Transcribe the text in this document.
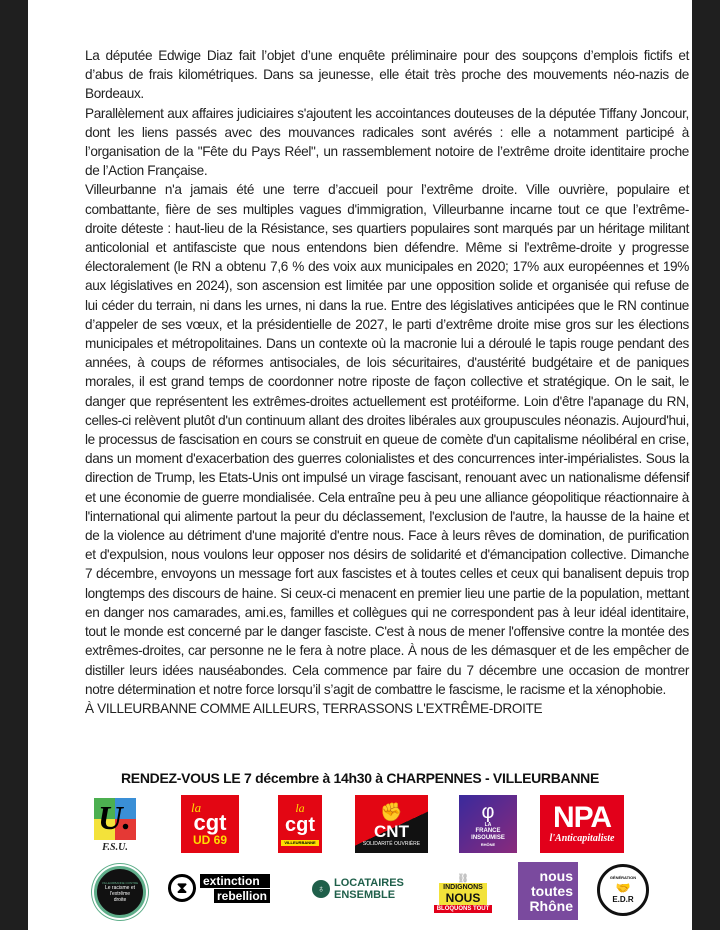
La députée Edwige Diaz fait l’objet d’une enquête préliminaire pour des soupçons d’emplois fictifs et d’abus de frais kilométriques. Dans sa jeunesse, elle était très proche des mouvements néo-nazis de Bordeaux.

Parallèlement aux affaires judiciaires s'ajoutent les accointances douteuses de la députée Tiffany Joncour, dont les liens passés avec des mouvances radicales sont avérés : elle a notamment participé à l’organisation de la "Fête du Pays Réel", un rassemblement notoire de l’extrême droite identitaire proche de l’Action Française.

Villeurbanne n'a jamais été une terre d’accueil pour l’extrême droite. Ville ouvrière, populaire et combattante, fière de ses multiples vagues d'immigration, Villeurbanne incarne tout ce que l’extrême-droite déteste : haut-lieu de la Résistance, ses quartiers populaires sont marqués par un héritage militant anticolonial et antifasciste que nous entendons bien défendre. Même si l'extrême-droite y progresse électoralement (le RN a obtenu 7,6 % des voix aux municipales en 2020; 17% aux européennes et 19% aux législatives en 2024), son ascension est limitée par une opposition solide et organisée qui refuse de lui céder du terrain, ni dans les urnes, ni dans la rue. Entre des législatives anticipées que le RN continue d’appeler de ses vœux, et la présidentielle de 2027, le parti d’extrême droite mise gros sur les élections municipales et métropolitaines. Dans un contexte où la macronie lui a déroulé le tapis rouge pendant des années, à coups de réformes antisociales, de lois sécuritaires, d'austérité budgétaire et de paniques morales, il est grand temps de coordonner notre riposte de façon collective et stratégique. On le sait, le danger que représentent les extrêmes-droites actuellement est protéiforme. Loin d'être l'apanage du RN, celles-ci relèvent plutôt d'un continuum allant des droites libérales aux groupuscules néonazis. Aujourd'hui, le processus de fascisation en cours se construit en queue de comète d'un capitalisme néolibéral en crise, dans un moment d'exacerbation des guerres colonialistes et des concurrences inter-impérialistes. Sous la direction de Trump, les Etats-Unis ont impulsé un virage fascisant, renouant avec un nationalisme défensif et une économie de guerre mondialisée. Cela entraîne peu à peu une alliance géopolitique réactionnaire à l'international qui alimente partout la peur du déclassement, l'exclusion de l'autre, la hausse de la haine et de la violence au détriment d'une majorité d'entre nous. Face à leurs rêves de domination, de purification et d'expulsion, nous voulons leur opposer nos désirs de solidarité et d'émancipation collective. Dimanche 7 décembre, envoyons un message fort aux fascistes et à toutes celles et ceux qui banalisent depuis trop longtemps des discours de haine. Si ceux-ci menacent en premier lieu une partie de la population, mettant en danger nos camarades, ami.es, familles et collègues qui ne correspondent pas à leur idéal identitaire, tout le monde est concerné par le danger fasciste. C'est à nous de mener l'offensive contre la montée des extrêmes-droites, car personne ne le fera à notre place. À nous de les démasquer et de les empêcher de distiller leurs idées nauséabondes. Cela commence par faire du 7 décembre une occasion de montrer notre détermination et notre force lorsqu’il s’agit de combattre le fascisme, le racisme et la xénophobie.

À VILLEURBANNE COMME AILLEURS, TERRASSONS L'EXTRÊME-DROITE

RENDEZ-VOUS LE 7 décembre à 14h30 à CHARPENNES - VILLEURBANNE
U.
F.S.U.
la
cgt
UD 69
la
cgt
VILLEURBANNE
✊
CNT
SOLIDARITÉ OUVRIÈRE
φ
LA
FRANCE
INSOUMISE
RHÔNE
NPA
l'Anticapitaliste
VILLEURBANNE CONTRE
Le racisme et
l'extrême
droite
⧗	extinction
rebellion	♁ LOCATAIRES
ENSEMBLE
⛓
INDIGNONS
NOUS
BLOQUONS TOUT
nous
toutes
Rhône
GÉNÉRATION
🤝
E.D.R
